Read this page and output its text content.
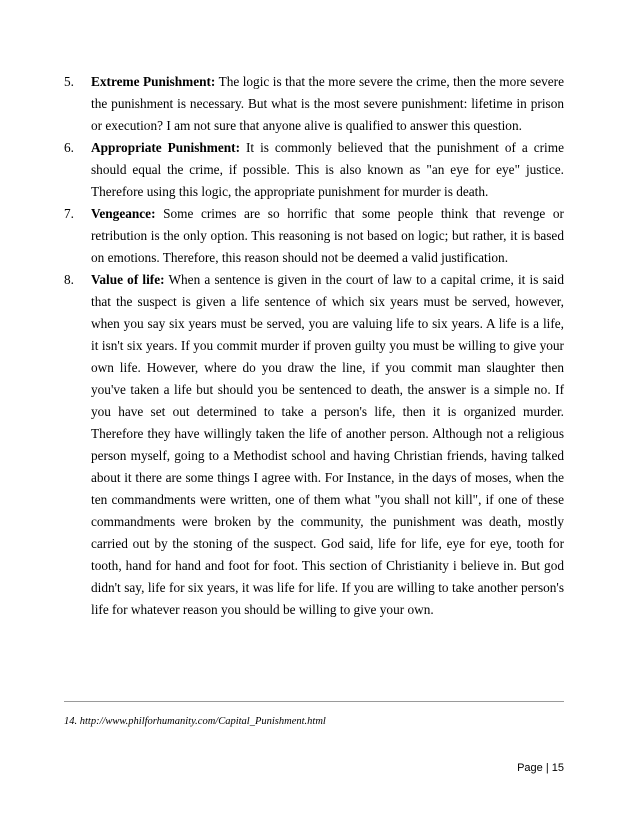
5. Extreme Punishment: The logic is that the more severe the crime, then the more severe the punishment is necessary. But what is the most severe punishment: lifetime in prison or execution? I am not sure that anyone alive is qualified to answer this question.
6. Appropriate Punishment: It is commonly believed that the punishment of a crime should equal the crime, if possible. This is also known as "an eye for eye" justice. Therefore using this logic, the appropriate punishment for murder is death.
7. Vengeance: Some crimes are so horrific that some people think that revenge or retribution is the only option. This reasoning is not based on logic; but rather, it is based on emotions. Therefore, this reason should not be deemed a valid justification.
8. Value of life: When a sentence is given in the court of law to a capital crime, it is said that the suspect is given a life sentence of which six years must be served, however, when you say six years must be served, you are valuing life to six years. A life is a life, it isn't six years. If you commit murder if proven guilty you must be willing to give your own life. However, where do you draw the line, if you commit man slaughter then you've taken a life but should you be sentenced to death, the answer is a simple no. If you have set out determined to take a person's life, then it is organized murder. Therefore they have willingly taken the life of another person. Although not a religious person myself, going to a Methodist school and having Christian friends, having talked about it there are some things I agree with. For Instance, in the days of moses, when the ten commandments were written, one of them what "you shall not kill", if one of these commandments were broken by the community, the punishment was death, mostly carried out by the stoning of the suspect. God said, life for life, eye for eye, tooth for tooth, hand for hand and foot for foot. This section of Christianity i believe in. But god didn't say, life for six years, it was life for life. If you are willing to take another person's life for whatever reason you should be willing to give your own.
14. http://www.philforhumanity.com/Capital_Punishment.html
Page | 15
